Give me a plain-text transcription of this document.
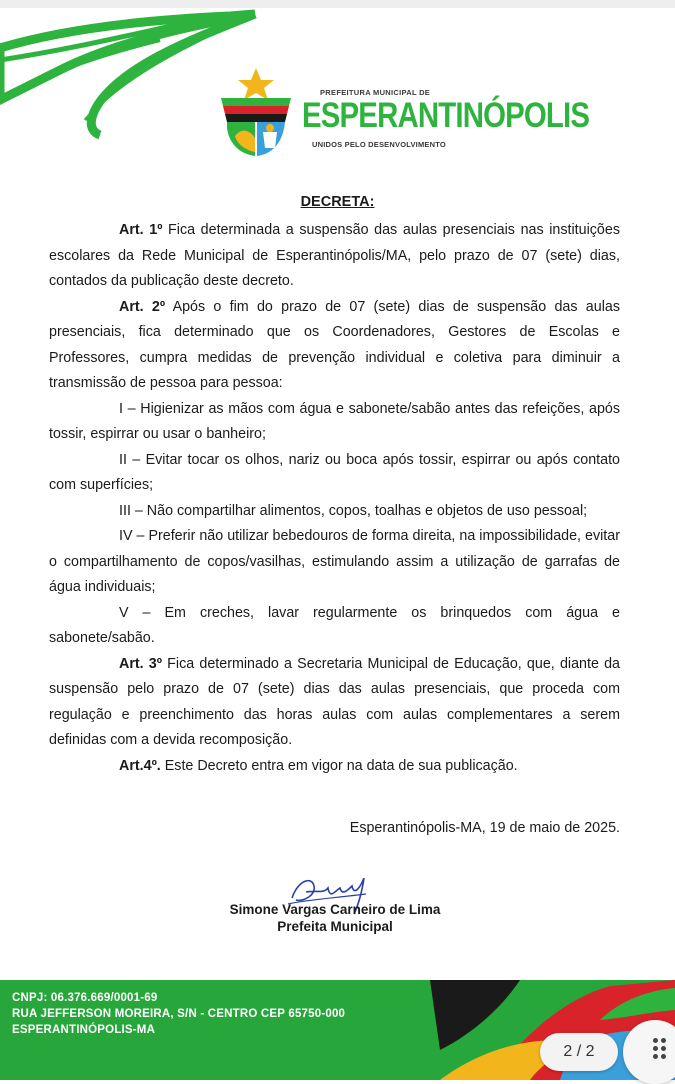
PREFEITURA MUNICIPAL DE
ESPERANTINÓPOLIS
UNIDOS PELO DESENVOLVIMENTO
DECRETA:

Art. 1º Fica determinada a suspensão das aulas presenciais nas instituições escolares da Rede Municipal de Esperantinópolis/MA, pelo prazo de 07 (sete) dias, contados da publicação deste decreto.

Art. 2º Após o fim do prazo de 07 (sete) dias de suspensão das aulas presenciais, fica determinado que os Coordenadores, Gestores de Escolas e Professores, cumpra medidas de prevenção individual e coletiva para diminuir a transmissão de pessoa para pessoa:

I – Higienizar as mãos com água e sabonete/sabão antes das refeições, após tossir, espirrar ou usar o banheiro;

II – Evitar tocar os olhos, nariz ou boca após tossir, espirrar ou após contato com superfícies;

III – Não compartilhar alimentos, copos, toalhas e objetos de uso pessoal;

IV – Preferir não utilizar bebedouros de forma direita, na impossibilidade, evitar o compartilhamento de copos/vasilhas, estimulando assim a utilização de garrafas de água individuais;

V – Em creches, lavar regularmente os brinquedos com água e sabonete/sabão.

Art. 3º Fica determinado a Secretaria Municipal de Educação, que, diante da suspensão pelo prazo de 07 (sete) dias das aulas presenciais, que proceda com regulação e preenchimento das horas aulas com aulas complementares a serem definidas com a devida recomposição.

Art.4º. Este Decreto entra em vigor na data de sua publicação.

Esperantinópolis-MA, 19 de maio de 2025.
Simone Vargas Carneiro de Lima
Prefeita Municipal
CNPJ: 06.376.669/0001-69
RUA JEFFERSON MOREIRA, S/N - CENTRO CEP 65750-000
ESPERANTINÓPOLIS-MA
2 / 2
